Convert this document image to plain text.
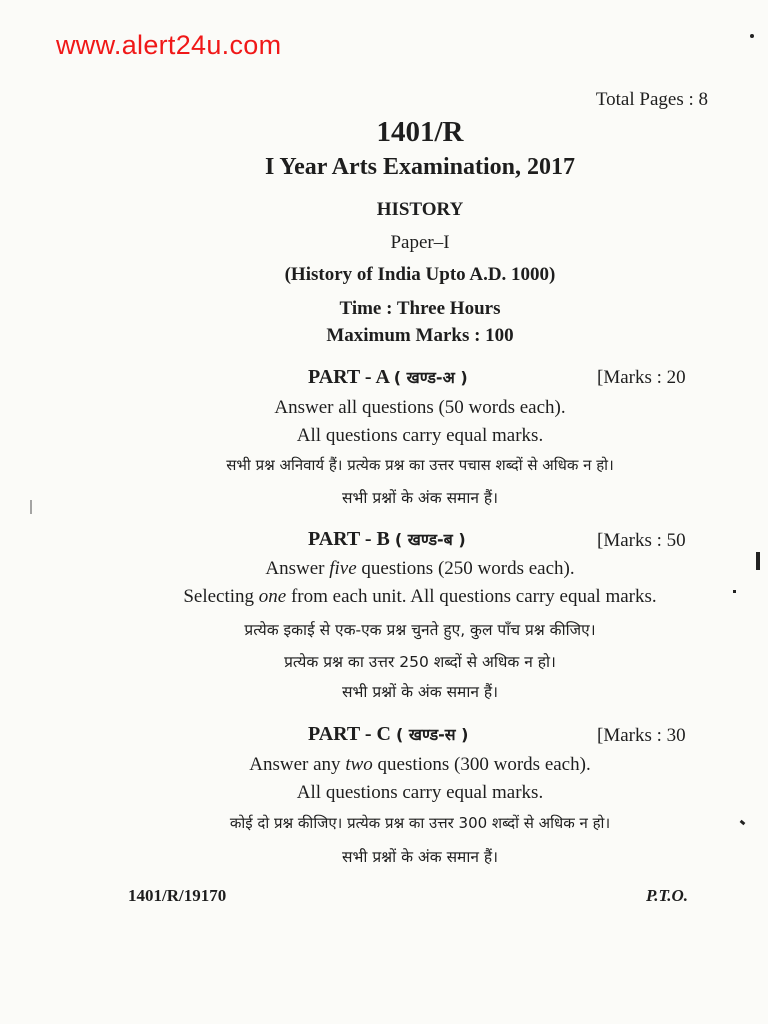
www.alert24u.com
Total Pages : 8
1401/R
I Year Arts Examination, 2017
HISTORY
Paper–I
(History of India Upto A.D. 1000)
Time : Three Hours
Maximum Marks : 100
PART - A ( खण्ड-अ )	[Marks : 20
Answer all questions (50 words each).
All questions carry equal marks.
सभी प्रश्न अनिवार्य हैं। प्रत्येक प्रश्न का उत्तर पचास शब्दों से अधिक न हो।
सभी प्रश्नों के अंक समान हैं।
PART - B ( खण्ड-ब )	[Marks : 50
Answer five questions (250 words each).
Selecting one from each unit. All questions carry equal marks.
प्रत्येक इकाई से एक-एक प्रश्न चुनते हुए, कुल पाँच प्रश्न कीजिए।
प्रत्येक प्रश्न का उत्तर 250 शब्दों से अधिक न हो।
सभी प्रश्नों के अंक समान हैं।
PART - C ( खण्ड-स )	[Marks : 30
Answer any two questions (300 words each).
All questions carry equal marks.
कोई दो प्रश्न कीजिए। प्रत्येक प्रश्न का उत्तर 300 शब्दों से अधिक न हो।
सभी प्रश्नों के अंक समान हैं।
1401/R/19170	P.T.O.
